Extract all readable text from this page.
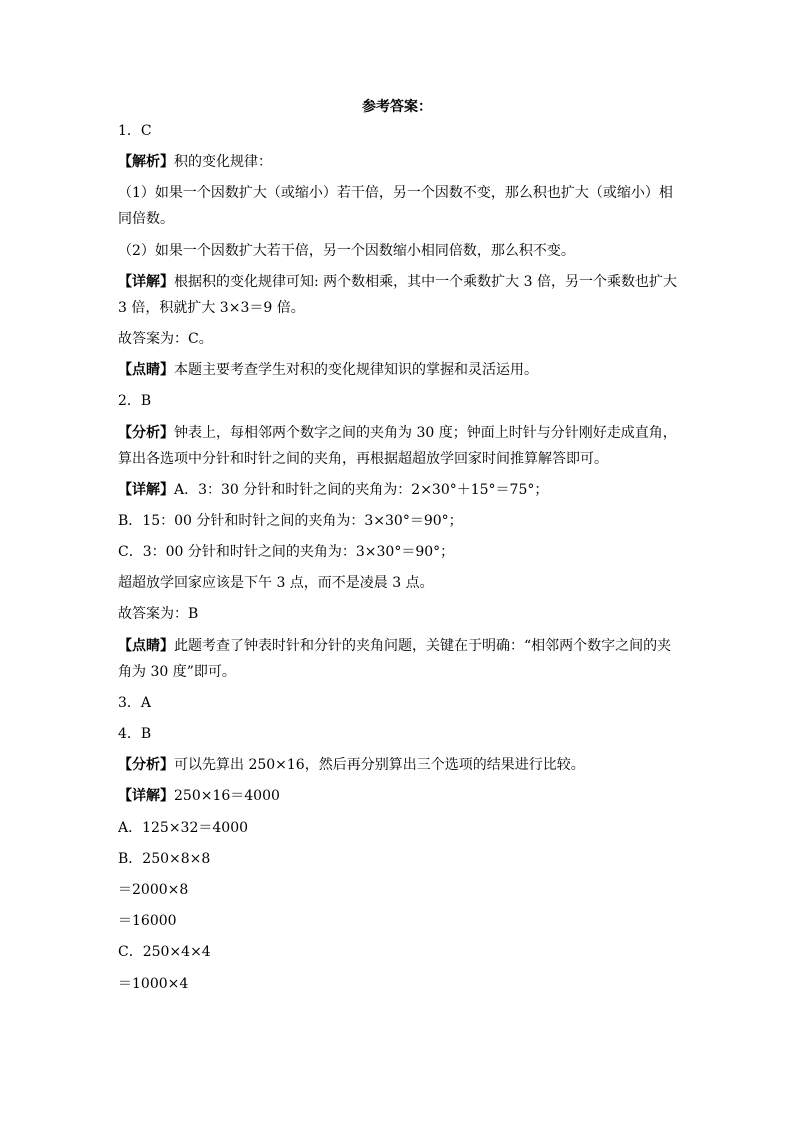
参考答案：
1．C
【解析】积的变化规律：
（1）如果一个因数扩大（或缩小）若干倍，另一个因数不变，那么积也扩大（或缩小）相
同倍数。
（2）如果一个因数扩大若干倍，另一个因数缩小相同倍数，那么积不变。
【详解】根据积的变化规律可知: 两个数相乘，其中一个乘数扩大 3 倍，另一个乘数也扩大
3 倍，积就扩大 3×3＝9 倍。
故答案为：C。
【点睛】本题主要考查学生对积的变化规律知识的掌握和灵活运用。
2．B
【分析】钟表上，每相邻两个数字之间的夹角为 30 度；钟面上时针与分针刚好走成直角，
算出各选项中分针和时针之间的夹角，再根据超超放学回家时间推算解答即可。
【详解】A．3：30 分针和时针之间的夹角为：2×30°＋15°＝75°；
B．15：00 分针和时针之间的夹角为：3×30°＝90°；
C．3：00 分针和时针之间的夹角为：3×30°＝90°；
超超放学回家应该是下午 3 点，而不是凌晨 3 点。
故答案为：B
【点睛】此题考查了钟表时针和分针的夹角问题，关键在于明确：“相邻两个数字之间的夹
角为 30 度”即可。
3．A
4．B
【分析】可以先算出 250×16，然后再分别算出三个选项的结果进行比较。
【详解】250×16＝4000
A．125×32＝4000
B．250×8×8
＝2000×8
＝16000
C．250×4×4
＝1000×4
